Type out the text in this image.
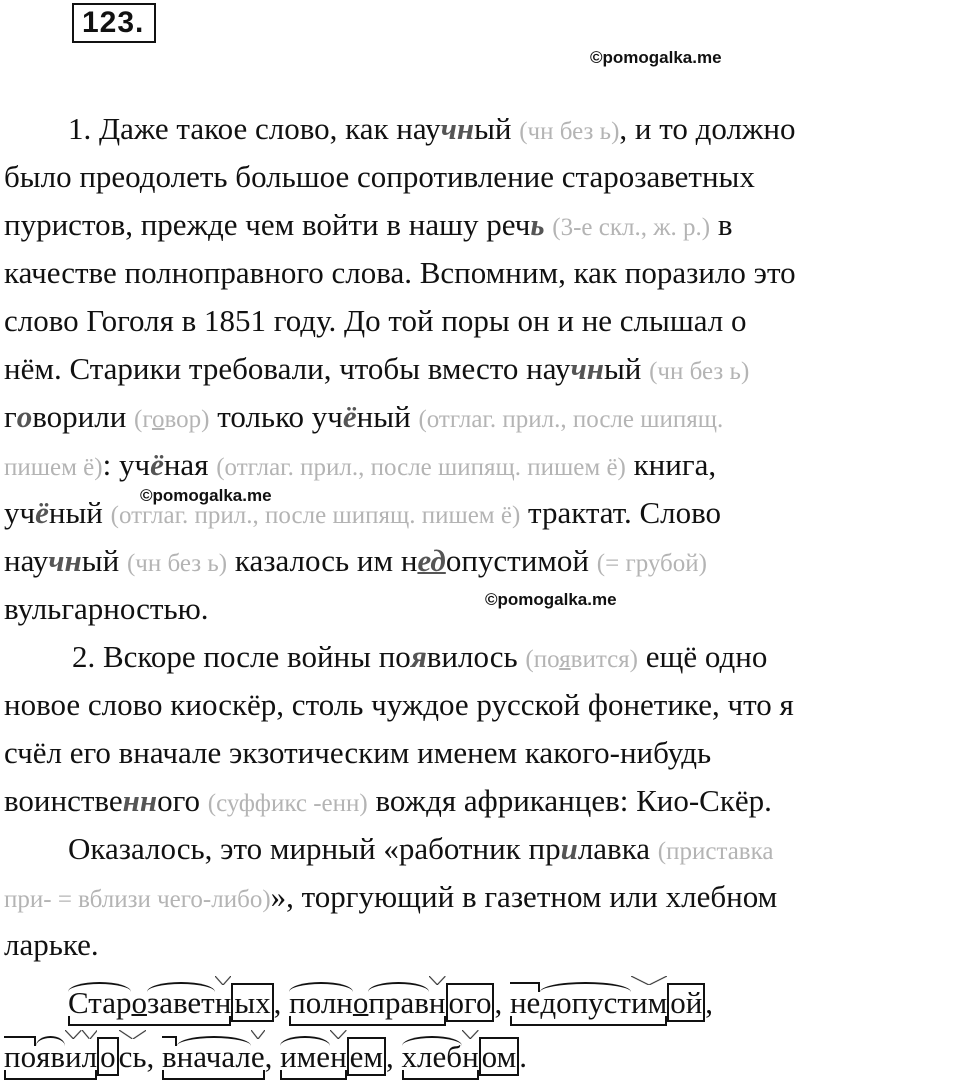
123.
©pomogalka.me
©pomogalka.me
©pomogalka.me
1. Даже такое слово, как научный (чн без ь), и то должно
было преодолеть большое сопротивление старозаветных
пуристов, прежде чем войти в нашу речь (3-е скл., ж. р.) в
качестве полноправного слова. Вспомним, как поразило это
слово Гоголя в 1851 году. До той поры он и не слышал о
нём. Старики требовали, чтобы вместо научный (чн без ь)
говорили (говор) только учёный (отглаг. прил., после шипящ.
пишем ё): учёная (отглаг. прил., после шипящ. пишем ё) книга,
учёный (отглаг. прил., после шипящ. пишем ё) трактат. Слово
научный (чн без ь) казалось им недопустимой (= грубой)
вульгарностью.
2. Вскоре после войны появилось (появится) ещё одно
новое слово киоскёр, столь чуждое русской фонетике, что я
счёл его вначале экзотическим именем какого-нибудь
воинственного (суффикс -енн) вождя африканцев: Кио-Скёр.
Оказалось, это мирный «работник прилавка (приставка
при- = вблизи чего-либо)», торгующий в газетном или хлебном
ларьке.
Старозаветных, полноправного, недопустимой,
появилось, вначале, именем, хлебном.
